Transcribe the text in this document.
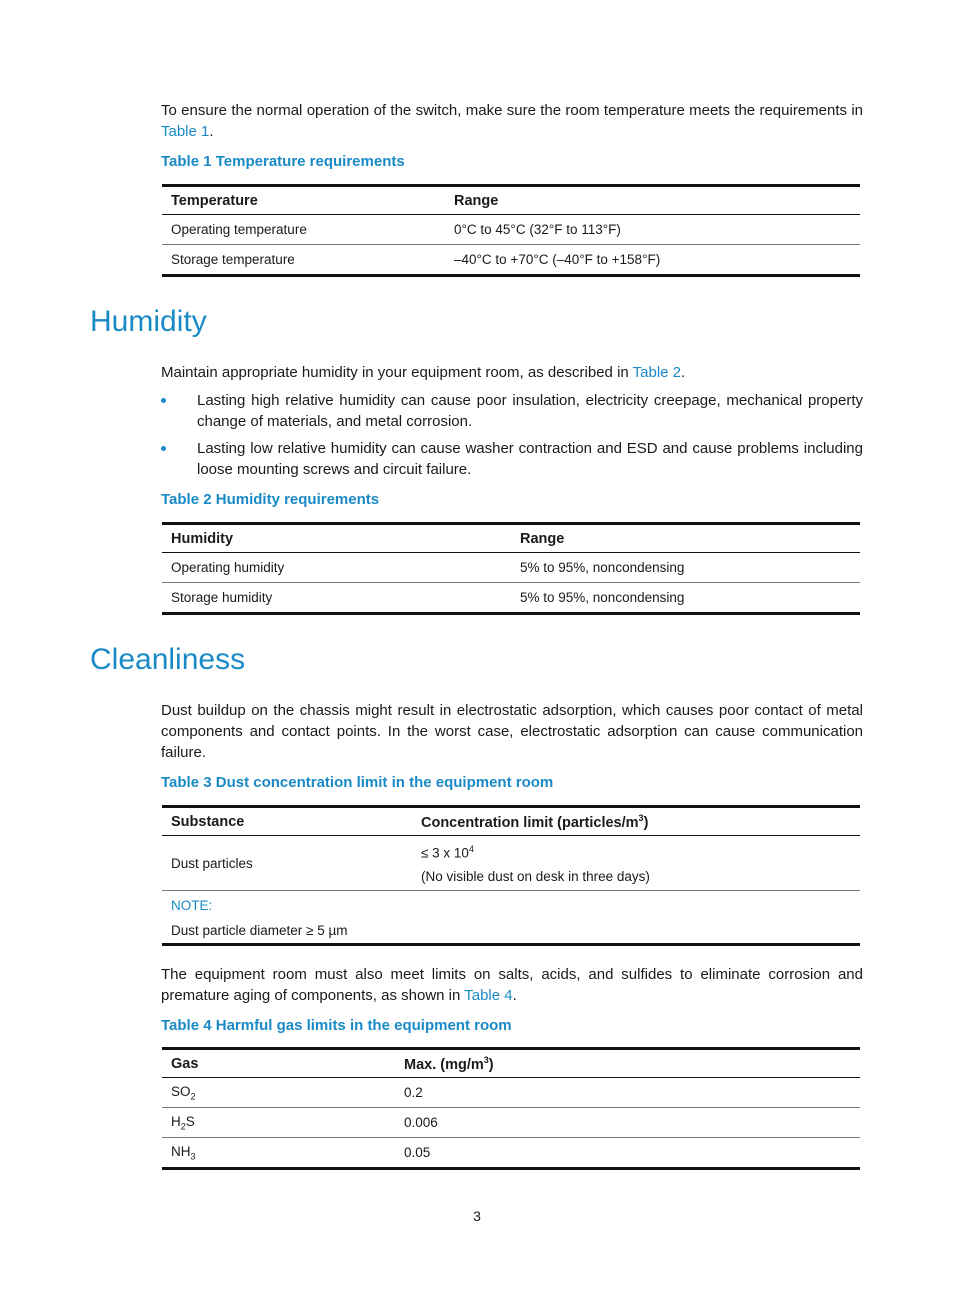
To ensure the normal operation of the switch, make sure the room temperature meets the requirements in Table 1.

Table 1 Temperature requirements

Temperature	Range
Operating temperature	0°C to 45°C (32°F to 113°F)
Storage temperature	–40°C to +70°C (–40°F to +158°F)
Humidity

Maintain appropriate humidity in your equipment room, as described in Table 2.

Lasting high relative humidity can cause poor insulation, electricity creepage, mechanical property change of materials, and metal corrosion.
Lasting low relative humidity can cause washer contraction and ESD and cause problems including loose mounting screws and circuit failure.

Table 2 Humidity requirements

Humidity	Range
Operating humidity	5% to 95%, noncondensing
Storage humidity	5% to 95%, noncondensing
Cleanliness

Dust buildup on the chassis might result in electrostatic adsorption, which causes poor contact of metal components and contact points. In the worst case, electrostatic adsorption can cause communication failure.

Table 3 Dust concentration limit in the equipment room

Substance	Concentration limit $(particles/m^3)$
Dust particles	≤ 3 x $10^4$
(No visible dust on desk in three days)

NOTE:
Dust particle diameter ≥ 5 µm	

The equipment room must also meet limits on salts, acids, and sulfides to eliminate corrosion and premature aging of components, as shown in Table 4.

Table 4 Harmful gas limits in the equipment room

Gas	Max. $(mg/m^3)$
$SO_2$	0.2
$H_2S$	0.006
$NH_3$	0.05
3
